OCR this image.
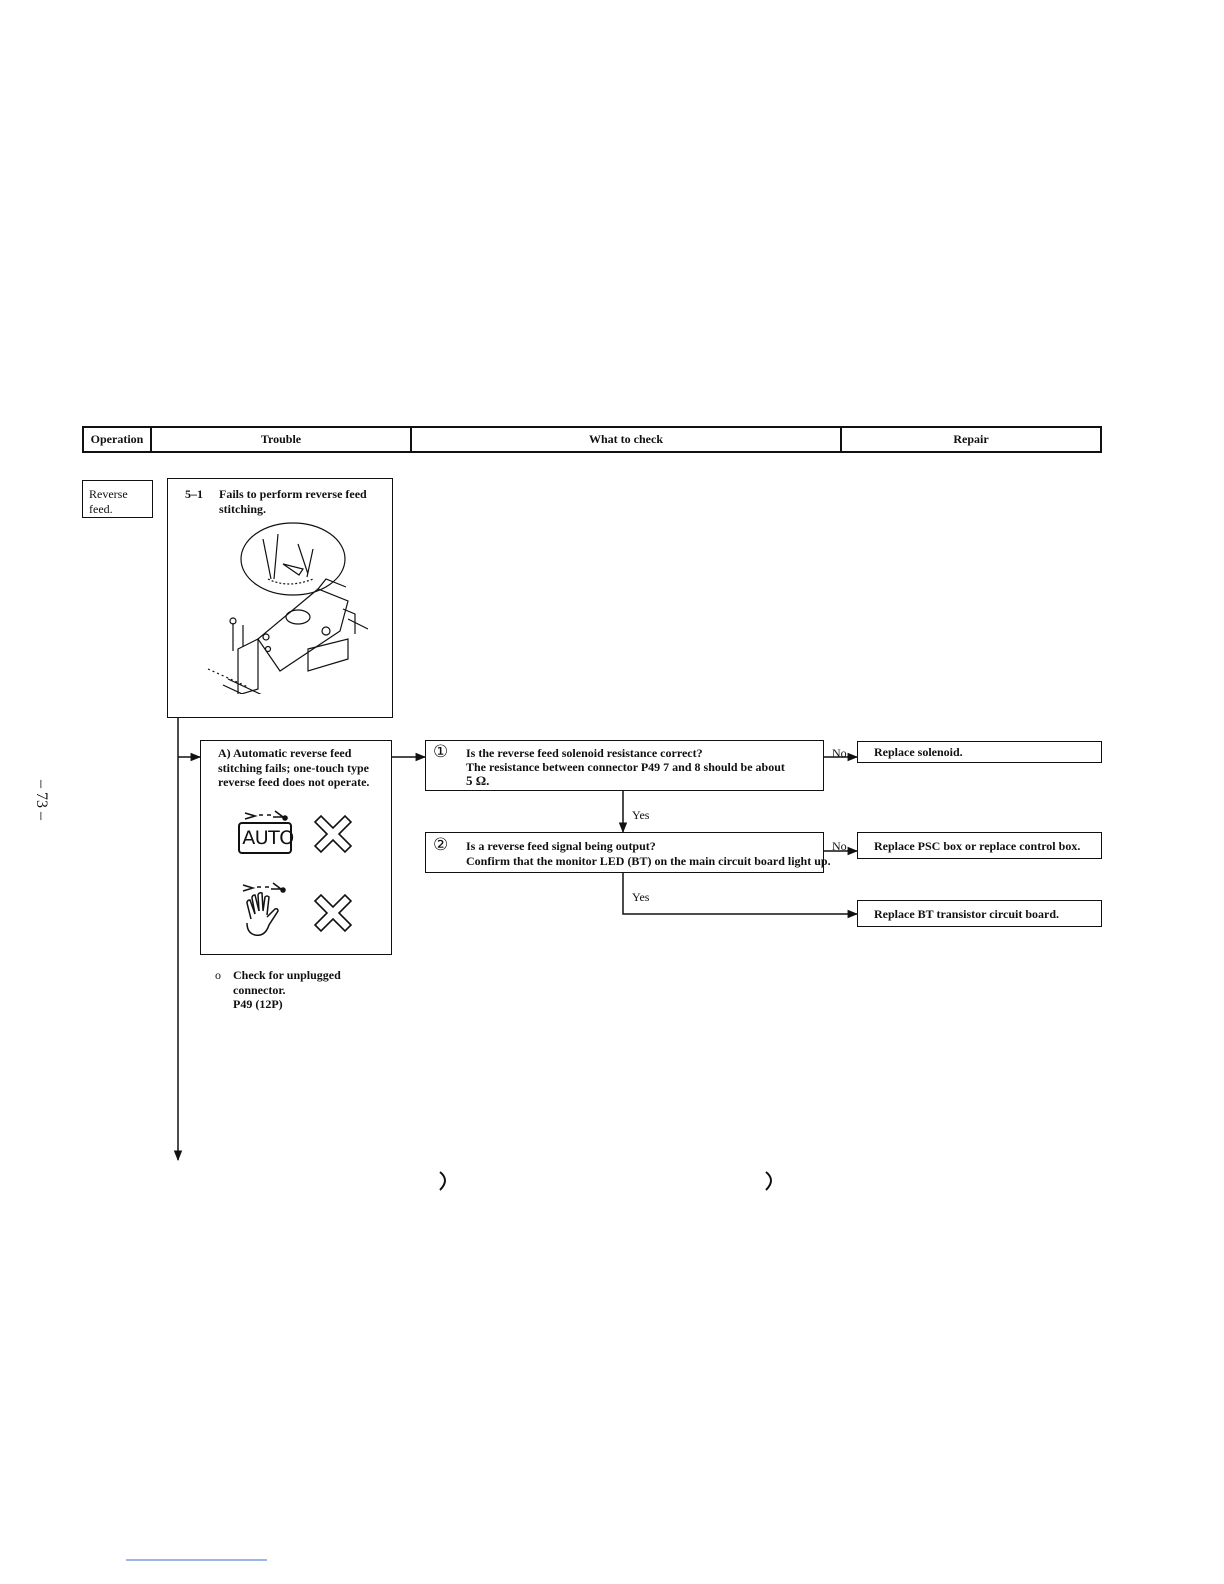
– 73 –
Operation	Trouble	What to check	Repair
Reverse feed.
5–1 Fails to perform reverse feed stitching.
A) Automatic reverse feed stitching fails; one-touch type reverse feed does not operate.
AUTO
o Check for unplugged connector.
P49 (12P)
① Is the reverse feed solenoid resistance correct?
The resistance between connector P49 7 and 8 should be about
5 Ω.
② Is a reverse feed signal being output?
Confirm that the monitor LED (BT) on the main circuit board light up.
Replace solenoid.
Replace PSC box or replace control box.
Replace BT transistor circuit board.
No
No
Yes
Yes
